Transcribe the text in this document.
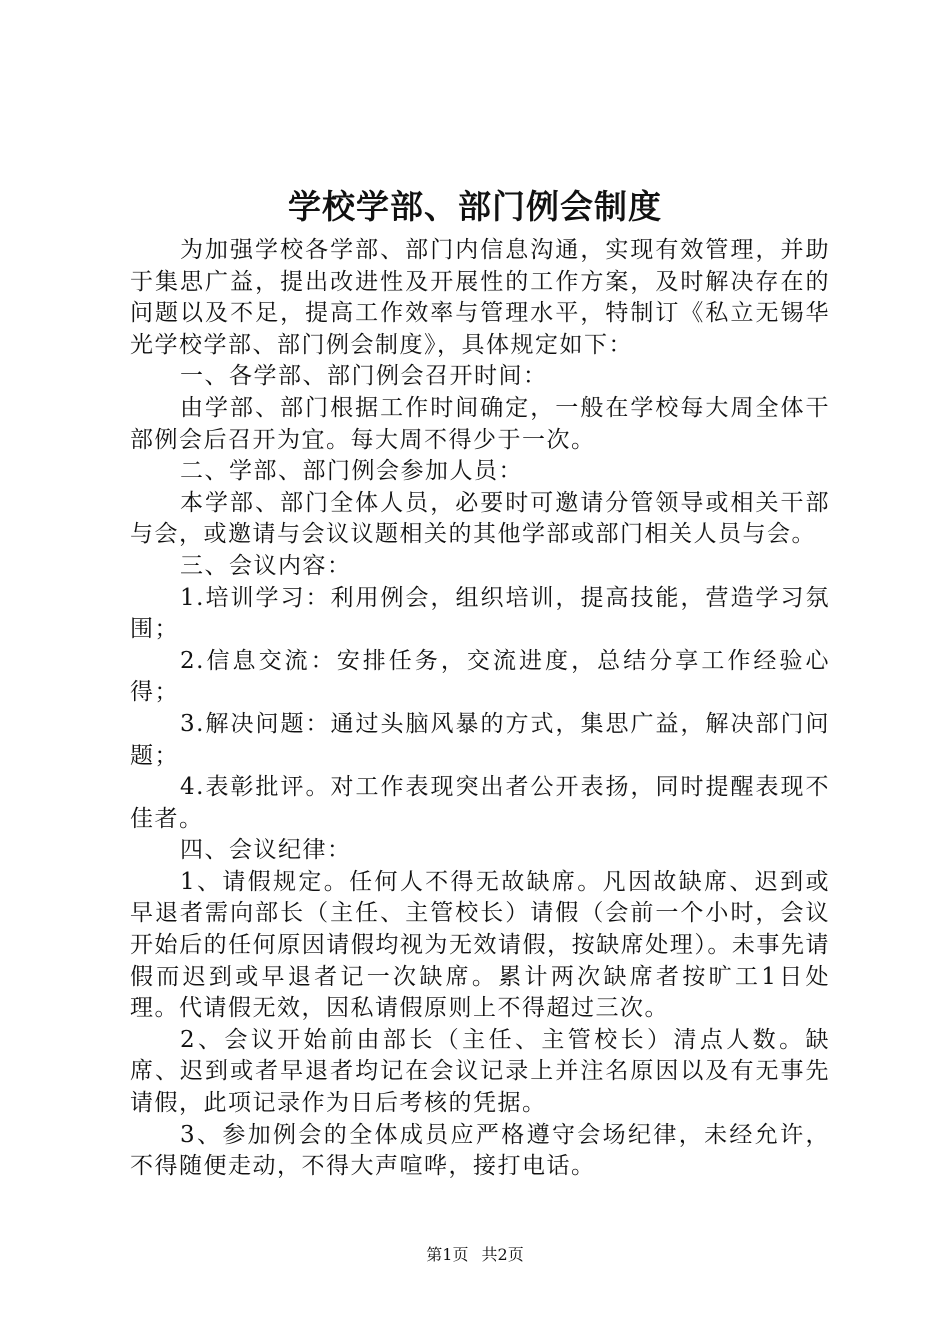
学校学部、部门例会制度

为加强学校各学部、部门内信息沟通，实现有效管理，并助于集思广益，提出改进性及开展性的工作方案，及时解决存在的问题以及不足，提高工作效率与管理水平，特制订《私立无锡华光学校学部、部门例会制度》，具体规定如下：

一、各学部、部门例会召开时间：

由学部、部门根据工作时间确定，一般在学校每大周全体干部例会后召开为宜。每大周不得少于一次。

二、学部、部门例会参加人员：

本学部、部门全体人员，必要时可邀请分管领导或相关干部与会，或邀请与会议议题相关的其他学部或部门相关人员与会。

三、会议内容：

1.培训学习：利用例会，组织培训，提高技能，营造学习氛围；

2.信息交流：安排任务，交流进度，总结分享工作经验心得；

3.解决问题：通过头脑风暴的方式，集思广益，解决部门问题；

4.表彰批评。对工作表现突出者公开表扬，同时提醒表现不佳者。

四、会议纪律：

1、请假规定。任何人不得无故缺席。凡因故缺席、迟到或早退者需向部长（主任、主管校长）请假（会前一个小时，会议开始后的任何原因请假均视为无效请假，按缺席处理）。未事先请假而迟到或早退者记一次缺席。累计两次缺席者按旷工1日处理。代请假无效，因私请假原则上不得超过三次。

2、会议开始前由部长（主任、主管校长）清点人数。缺席、迟到或者早退者均记在会议记录上并注名原因以及有无事先请假，此项记录作为日后考核的凭据。

3、参加例会的全体成员应严格遵守会场纪律，未经允许，不得随便走动，不得大声喧哗，接打电话。

第1页 共2页
